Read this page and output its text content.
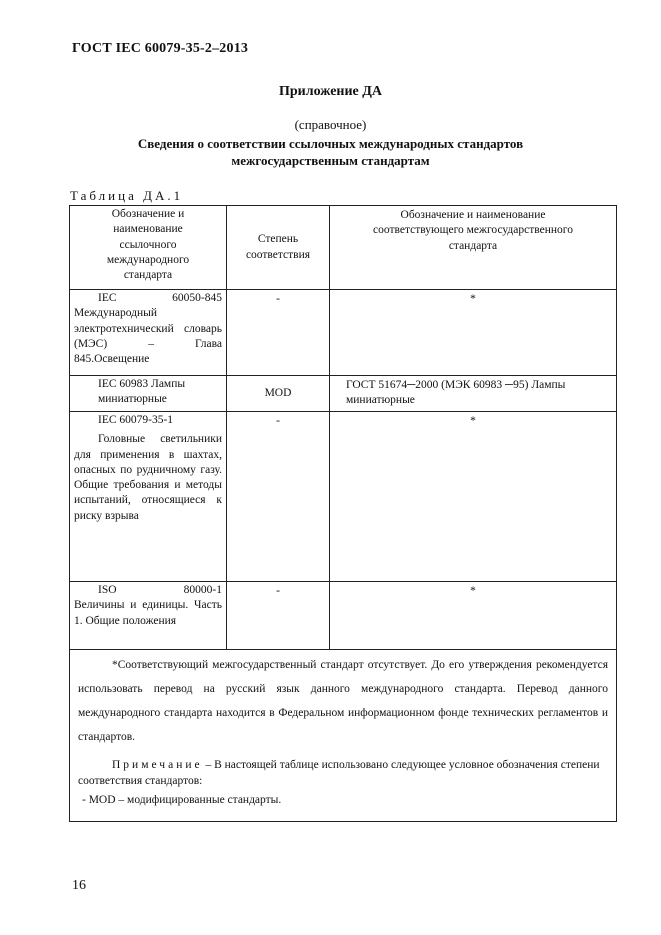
ГОСТ IEC 60079-35-2–2013
Приложение ДА
(справочное)
Сведения о соответствии ссылочных международных стандартов
межгосударственным стандартам
Таблица ДА.1
Обозначение и наименование ссылочного международного стандарта	Степень соответствия	Обозначение и наименование соответствующего межгосударственного стандарта

IEC 60050-845
Международный электротехнический словарь (МЭС) – Глава 845.Освещение	-	*

IEC 60983 Лампы миниатюрные	MOD	ГОСТ 51674─2000 (МЭК 60983 ─95) Лампы миниатюрные

IEC 60079-35-1
Головные светильники для применения в шахтах, опасных по рудничному газу. Общие требования и методы испытаний, относящиеся к риску взрыва	-	*

ISO 80000-1
Величины и единицы. Часть 1. Общие положения	-	*

*Соответствующий межгосударственный стандарт отсутствует. До его утверждения рекомендуется использовать перевод на русский язык данного международного стандарта. Перевод данного международного стандарта находится в Федеральном информационном фонде технических регламентов и стандартов.

Примечание – В настоящей таблице использовано следующее условное обозначения степени соответствия стандартов:

- MOD – модифицированные стандарты.		

16
